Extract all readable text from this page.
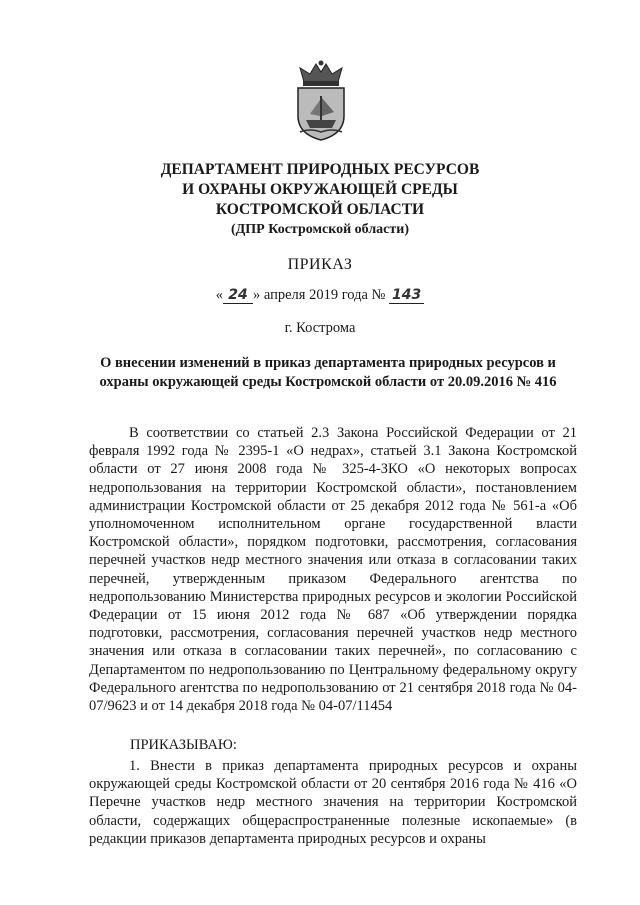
ДЕПАРТАМЕНТ ПРИРОДНЫХ РЕСУРСОВ
И ОХРАНЫ ОКРУЖАЮЩЕЙ СРЕДЫ
КОСТРОМСКОЙ ОБЛАСТИ
(ДПР Костромской области)
ПРИКАЗ
« 24 » апреля 2019 года № 143
г. Кострома
О внесении изменений в приказ департамента природных ресурсов и охраны окружающей среды Костромской области от 20.09.2016 № 416

В соответствии со статьей 2.3 Закона Российской Федерации от 21 февраля 1992 года № 2395-1 «О недрах», статьей 3.1 Закона Костромской области от 27 июня 2008 года № 325-4-ЗКО «О некоторых вопросах недропользования на территории Костромской области», постановлением администрации Костромской области от 25 декабря 2012 года № 561-а «Об уполномоченном исполнительном органе государственной власти Костромской области», порядком подготовки, рассмотрения, согласования перечней участков недр местного значения или отказа в согласовании таких перечней, утвержденным приказом Федерального агентства по недропользованию Министерства природных ресурсов и экологии Российской Федерации от 15 июня 2012 года № 687 «Об утверждении порядка подготовки, рассмотрения, согласования перечней участков недр местного значения или отказа в согласовании таких перечней», по согласованию с Департаментом по недропользованию по Центральному федеральному округу Федерального агентства по недропользованию от 21 сентября 2018 года № 04-07/9623 и от 14 декабря 2018 года № 04-07/11454

ПРИКАЗЫВАЮ:

1. Внести в приказ департамента природных ресурсов и охраны окружающей среды Костромской области от 20 сентября 2016 года № 416 «О Перечне участков недр местного значения на территории Костромской области, содержащих общераспространенные полезные ископаемые» (в редакции приказов департамента природных ресурсов и охраны
